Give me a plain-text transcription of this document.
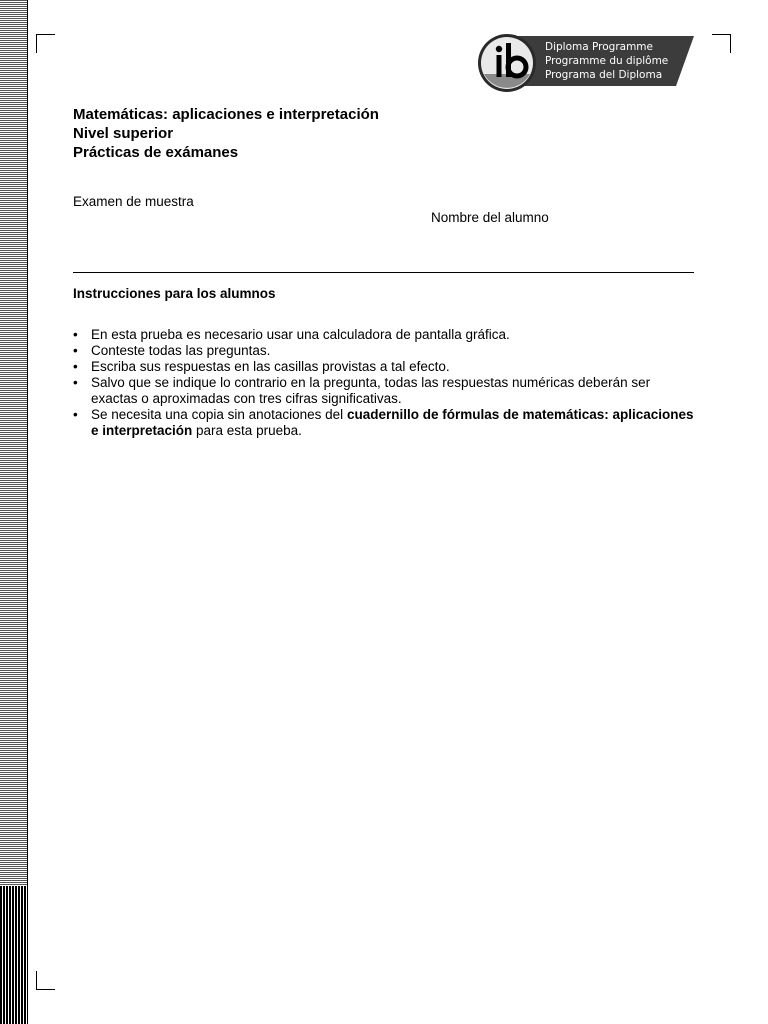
Diploma Programme
Programme du diplôme
Programa del Diploma
Matemáticas: aplicaciones e interpretación
Nivel superior
Prácticas de exámanes
Examen de muestra
Nombre del alumno
Instrucciones para los alumnos
• En esta prueba es necesario usar una calculadora de pantalla gráfica.
• Conteste todas las preguntas.
• Escriba sus respuestas en las casillas provistas a tal efecto.
• Salvo que se indique lo contrario en la pregunta, todas las respuestas numéricas deberán ser exactas o aproximadas con tres cifras significativas.
• Se necesita una copia sin anotaciones del cuadernillo de fórmulas de matemáticas: aplicaciones e interpretación para esta prueba.
